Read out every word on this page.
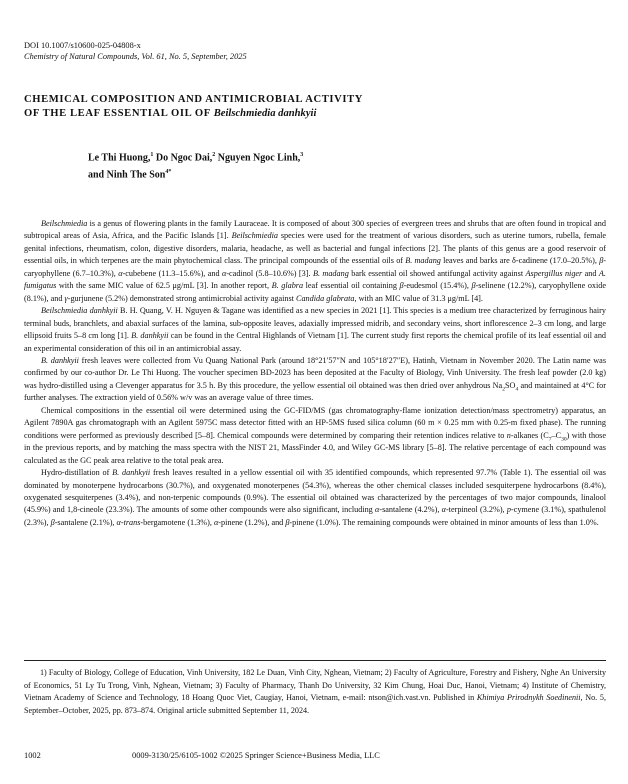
DOI 10.1007/s10600-025-04808-x
Chemistry of Natural Compounds, Vol. 61, No. 5, September, 2025
CHEMICAL COMPOSITION AND ANTIMICROBIAL ACTIVITY
OF THE LEAF ESSENTIAL OIL OF Beilschmiedia danhkyii
Le Thi Huong,$^1$ Do Ngoc Dai,$^2$ Nguyen Ngoc Linh,$^3$
and Ninh The Son$^{4*}$

Beilschmiedia is a genus of flowering plants in the family Lauraceae. It is composed of about 300 species of evergreen trees and shrubs that are often found in tropical and subtropical areas of Asia, Africa, and the Pacific Islands [1]. Beilschmiedia species were used for the treatment of various disorders, such as uterine tumors, rubella, female genital infections, rheumatism, colon, digestive disorders, malaria, headache, as well as bacterial and fungal infections [2]. The plants of this genus are a good reservoir of essential oils, in which terpenes are the main phytochemical class. The principal compounds of the essential oils of B. madang leaves and barks are δ-cadinene (17.0–20.5%), β-caryophyllene (6.7–10.3%), α-cubebene (11.3–15.6%), and α-cadinol (5.8–10.6%) [3]. B. madang bark essential oil showed antifungal activity against Aspergillus niger and A. fumigatus with the same MIC value of 62.5 μg/mL [3]. In another report, B. glabra leaf essential oil containing β-eudesmol (15.4%), β-selinene (12.2%), caryophyllene oxide (8.1%), and γ-gurjunene (5.2%) demonstrated strong antimicrobial activity against Candida glabrata, with an MIC value of 31.3 μg/mL [4].

Beilschmiedia danhkyii B. H. Quang, V. H. Nguyen & Tagane was identified as a new species in 2021 [1]. This species is a medium tree characterized by ferruginous hairy terminal buds, branchlets, and abaxial surfaces of the lamina, sub-opposite leaves, adaxially impressed midrib, and secondary veins, short inflorescence 2–3 cm long, and large ellipsoid fruits 5–8 cm long [1]. B. danhkyii can be found in the Central Highlands of Vietnam [1]. The current study first reports the chemical profile of its leaf essential oil and an experimental consideration of this oil in an antimicrobial assay.

B. danhkyii fresh leaves were collected from Vu Quang National Park (around 18°21′57″N and 105°18′27″E), Hatinh, Vietnam in November 2020. The Latin name was confirmed by our co-author Dr. Le Thi Huong. The voucher specimen BD-2023 has been deposited at the Faculty of Biology, Vinh University. The fresh leaf powder (2.0 kg) was hydro-distilled using a Clevenger apparatus for 3.5 h. By this procedure, the yellow essential oil obtained was then dried over anhydrous $Na_2SO_4$ and maintained at 4°C for further analyses. The extraction yield of 0.56% w/v was an average value of three times.

Chemical compositions in the essential oil were determined using the GC-FID/MS (gas chromatography-flame ionization detection/mass spectrometry) apparatus, an Agilent 7890A gas chromatograph with an Agilent 5975C mass detector fitted with an HP-5MS fused silica column (60 m × 0.25 mm with 0.25-m fixed phase). The running conditions were performed as previously described [5–8]. Chemical compounds were determined by comparing their retention indices relative to n-alkanes $(C_7-C_{30})$ with those in the previous reports, and by matching the mass spectra with the NIST 21, MassFinder 4.0, and Wiley GC-MS library [5–8]. The relative percentage of each compound was calculated as the GC peak area relative to the total peak area.

Hydro-distillation of B. danhkyii fresh leaves resulted in a yellow essential oil with 35 identified compounds, which represented 97.7% (Table 1). The essential oil was dominated by monoterpene hydrocarbons (30.7%), and oxygenated monoterpenes (54.3%), whereas the other chemical classes included sesquiterpene hydrocarbons (8.4%), oxygenated sesquiterpenes (3.4%), and non-terpenic compounds (0.9%). The essential oil obtained was characterized by the percentages of two major compounds, linalool (45.9%) and 1,8-cineole (23.3%). The amounts of some other compounds were also significant, including α-santalene (4.2%), α-terpineol (3.2%), p-cymene (3.1%), spathulenol (2.3%), β-santalene (2.1%), α-trans-bergamotene (1.3%), α-pinene (1.2%), and β-pinene (1.0%). The remaining compounds were obtained in minor amounts of less than 1.0%.

1) Faculty of Biology, College of Education, Vinh University, 182 Le Duan, Vinh City, Nghean, Vietnam; 2) Faculty of Agriculture, Forestry and Fishery, Nghe An University of Economics, 51 Ly Tu Trong, Vinh, Nghean, Vietnam; 3) Faculty of Pharmacy, Thanh Do University, 32 Kim Chung, Hoai Duc, Hanoi, Vietnam; 4) Institute of Chemistry, Vietnam Academy of Science and Technology, 18 Hoang Quoc Viet, Caugiay, Hanoi, Vietnam, e-mail: ntson@ich.vast.vn. Published in Khimiya Prirodnykh Soedinenii, No. 5, September–October, 2025, pp. 873–874. Original article submitted September 11, 2024.
1002	0009-3130/25/6105-1002 ©2025 Springer Science+Business Media, LLC
